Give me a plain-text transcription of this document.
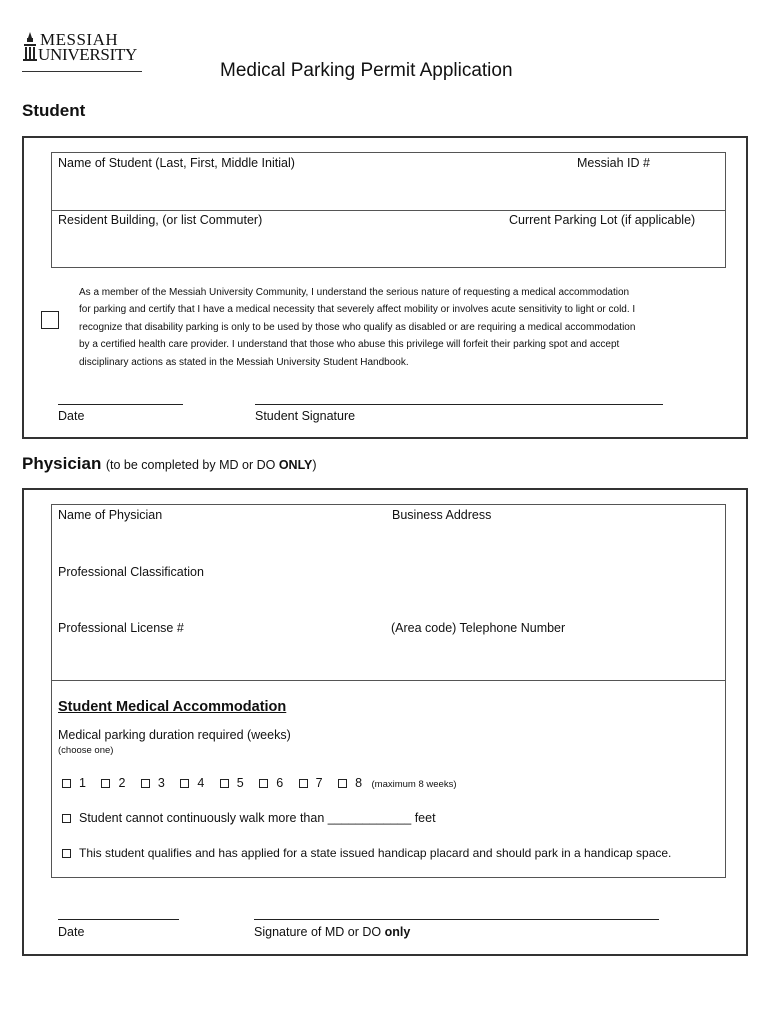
MESSIAH
UNIVERSITY
Medical Parking Permit Application
Student
Name of Student (Last, First, Middle Initial)	Messiah ID #
Resident Building, (or list Commuter)	Current Parking Lot (if applicable)
As a member of the Messiah University Community, I understand the serious nature of requesting a medical accommodation
for parking and certify that I have a medical necessity that severely affect mobility or involves acute sensitivity to light or cold. I
recognize that disability parking is only to be used by those who qualify as disabled or are requiring a medical accommodation
by a certified health care provider. I understand that those who abuse this privilege will forfeit their parking spot and accept
disciplinary actions as stated in the Messiah University Student Handbook.
Date	Student Signature
Physician (to be completed by MD or DO ONLY)
Name of Physician	Business Address
Professional Classification
Professional License #	(Area code) Telephone Number
Student Medical Accommodation
Medical parking duration required (weeks)
(choose one)
1	2	3	4	5	6	7	8 (maximum 8 weeks)
Student cannot continuously walk more than ____________ feet
This student qualifies and has applied for a state issued handicap placard and should park in a handicap space.
Date	Signature of MD or DO only
